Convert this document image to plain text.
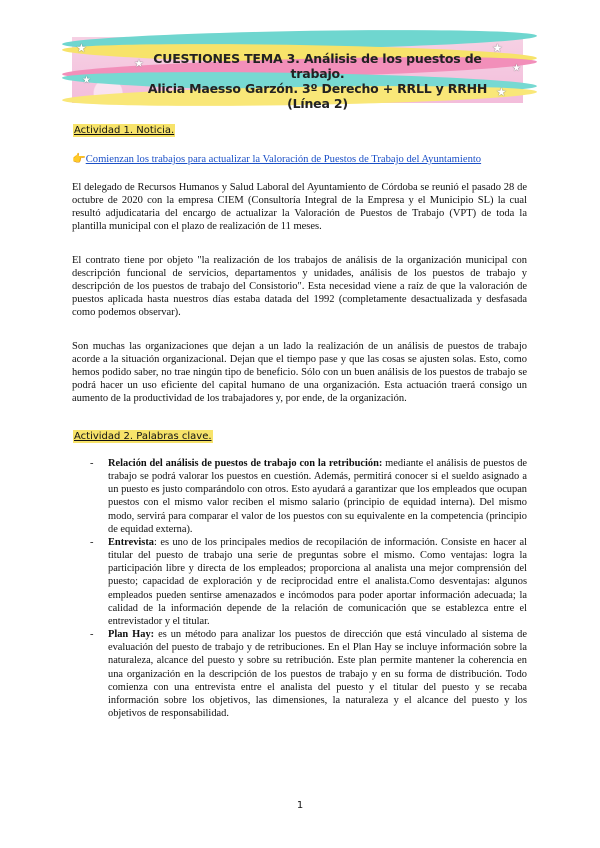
★
★
★
★
★
★
CUESTIONES TEMA 3. Análisis de los puestos de trabajo.
Alicia Maesso Garzón. 3º Derecho + RRLL y RRHH (Línea 2)
Actividad 1. Noticia.
👉Comienzan los trabajos para actualizar la Valoración de Puestos de Trabajo del Ayuntamiento

El delegado de Recursos Humanos y Salud Laboral del Ayuntamiento de Córdoba se reunió el pasado 28 de octubre de 2020 con la empresa CIEM (Consultoría Integral de la Empresa y el Municipio SL) la cual resultó adjudicataria del encargo de actualizar la Valoración de Puestos de Trabajo (VPT) de toda la plantilla municipal con el plazo de realización de 11 meses.

El contrato tiene por objeto "la realización de los trabajos de análisis de la organización municipal con descripción funcional de servicios, departamentos y unidades, análisis de los puestos de trabajo y descripción de los puestos de trabajo del Consistorio". Esta necesidad viene a raíz de que la valoración de puestos aplicada hasta nuestros días estaba datada del 1992 (completamente desactualizada y desfasada como podemos observar).

Son muchas las organizaciones que dejan a un lado la realización de un análisis de puestos de trabajo acorde a la situación organizacional. Dejan que el tiempo pase y que las cosas se ajusten solas. Esto, como hemos podido saber, no trae ningún tipo de beneficio. Sólo con un buen análisis de los puestos de trabajo se podrá hacer un uso eficiente del capital humano de una organización. Esta actuación traerá consigo un aumento de la productividad de los trabajadores y, por ende, de la organización.

Actividad 2. Palabras clave.

- Relación del análisis de puestos de trabajo con la retribución: mediante el análisis de puestos de trabajo se podrá valorar los puestos en cuestión. Además, permitirá conocer si el sueldo asignado a un puesto es justo comparándolo con otros. Esto ayudará a garantizar que los empleados que ocupan puestos con el mismo valor reciben el mismo salario (principio de equidad interna). Del mismo modo, servirá para comparar el valor de los puestos con su equivalente en la competencia (principio de equidad externa).

- Entrevista: es uno de los principales medios de recopilación de información. Consiste en hacer al titular del puesto de trabajo una serie de preguntas sobre el mismo. Como ventajas: logra la participación libre y directa de los empleados; proporciona al analista una mejor comprensión del puesto; capacidad de exploración y de reciprocidad entre el analista.Como desventajas: algunos empleados pueden sentirse amenazados e incómodos para poder aportar información adecuada; la calidad de la información depende de la relación de comunicación que se establezca entre el entrevistador y el titular.

- Plan Hay: es un método para analizar los puestos de dirección que está vinculado al sistema de evaluación del puesto de trabajo y de retribuciones. En el Plan Hay se incluye información sobre la naturaleza, alcance del puesto y sobre su retribución. Este plan permite mantener la coherencia en una organización en la descripción de los puestos de trabajo y en su forma de distribución. Todo comienza con una entrevista entre el analista del puesto y el titular del puesto y se recaba información sobre los objetivos, las dimensiones, la naturaleza y el alcance del puesto y los objetivos de responsabilidad.

1
